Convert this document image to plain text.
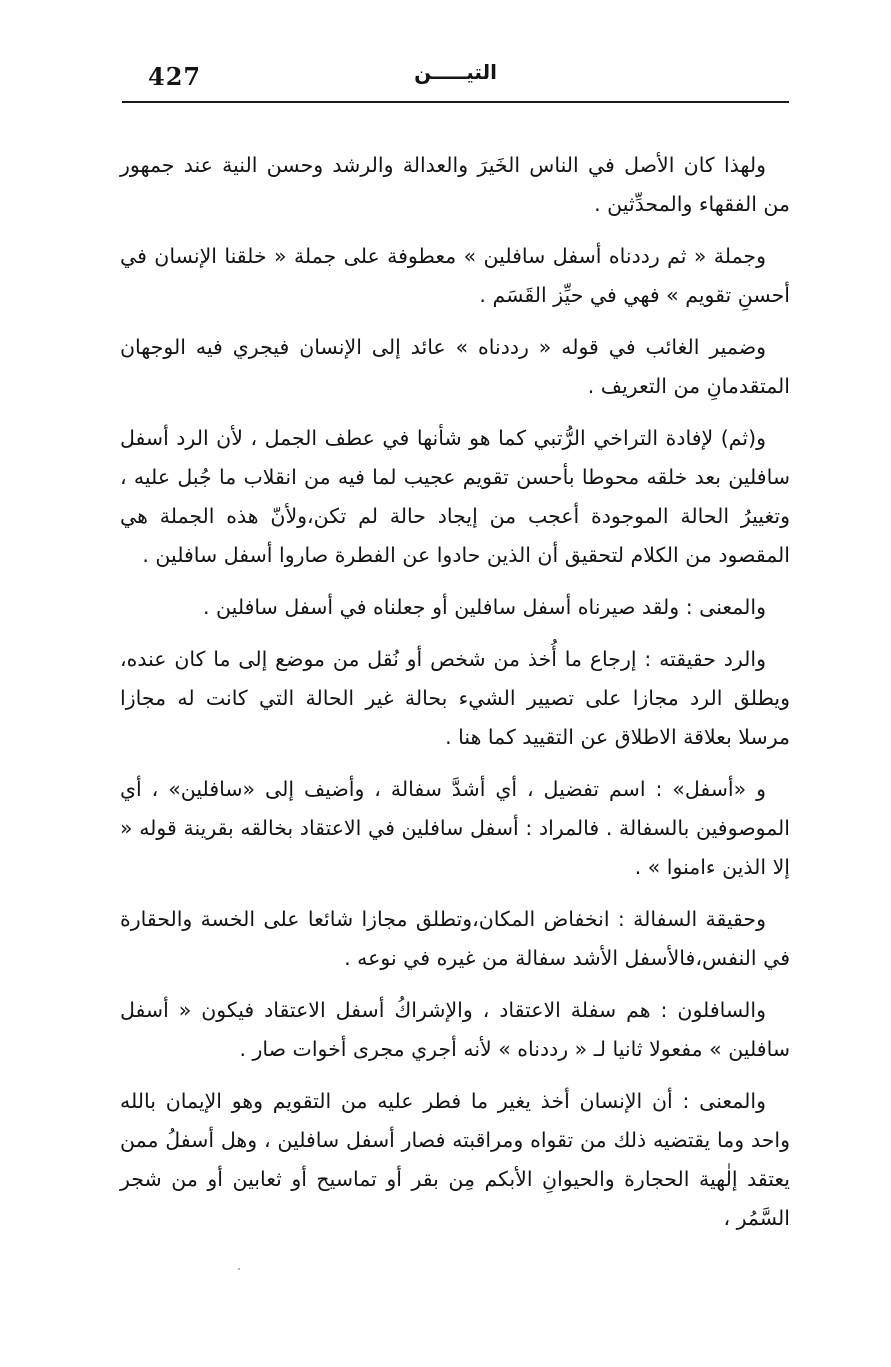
427	التيـــــن

ولهذا كان الأصل في الناس الخَيرَ والعدالة والرشد وحسن النية عند جمهور من الفقهاء والمحدِّثين .

وجملة « ثم رددناه أسفل سافلين » معطوفة على جملة « خلقنا الإنسان في أحسنِ تقويم » فهي في حيِّز القَسَم .

وضمير الغائب في قوله « رددناه » عائد إلى الإنسان فيجري فيه الوجهان المتقدمانِ من التعريف .

و(ثم) لإفادة التراخي الرُّتبي كما هو شأنها في عطف الجمل ، لأن الرد أسفل سافلين بعد خلقه محوطا بأحسن تقويم عجيب لما فيه من انقلاب ما جُبل عليه ، وتغييرُ الحالة الموجودة أعجب من إيجاد حالة لم تكن،ولأنّ هذه الجملة هي المقصود من الكلام لتحقيق أن الذين حادوا عن الفطرة صاروا أسفل سافلين .

والمعنى : ولقد صيرناه أسفل سافلين أو جعلناه في أسفل سافلين .

والرد حقيقته : إرجاع ما أُخذ من شخص أو نُقل من موضع إلى ما كان عنده، ويطلق الرد مجازا على تصيير الشيء بحالة غير الحالة التي كانت له مجازا مرسلا بعلاقة الاطلاق عن التقييد كما هنا .

و «أسفل» : اسم تفضيل ، أي أشدَّ سفالة ، وأضيف إلى «سافلين» ، أي الموصوفين بالسفالة . فالمراد : أسفل سافلين في الاعتقاد بخالقه بقرينة قوله « إلا الذين ءامنوا » .

وحقيقة السفالة : انخفاض المكان،وتطلق مجازا شائعا على الخسة والحقارة في النفس،فالأسفل الأشد سفالة من غيره في نوعه .

والسافلون : هم سفلة الاعتقاد ، والإشراكُ أسفل الاعتقاد فيكون « أسفل سافلين » مفعولا ثانيا لـ « رددناه » لأنه أجري مجرى أخوات صار .

والمعنى : أن الإنسان أخذ يغير ما فطر عليه من التقويم وهو الإيمان بالله واحد وما يقتضيه ذلك من تقواه ومراقبته فصار أسفل سافلين ، وهل أسفلُ ممن يعتقد إلٰهية الحجارة والحيوانِ الأبكم مِن بقر أو تماسيح أو ثعابين أو من شجر السَّمُر ،
